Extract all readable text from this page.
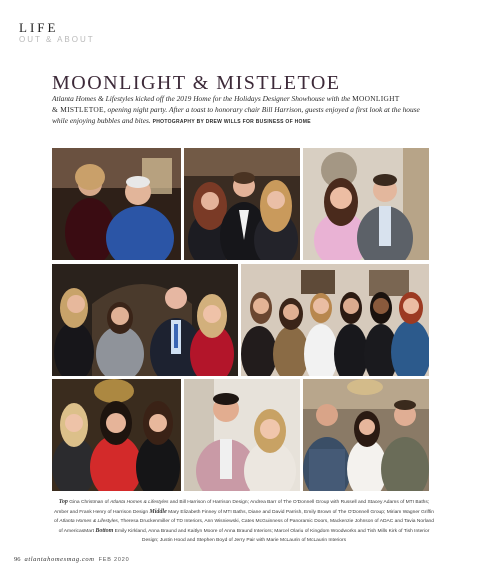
LIFE
OUT & ABOUT
MOONLIGHT & MISTLETOE
Atlanta Homes & Lifestyles kicked off the 2019 Home for the Holidays Designer Showhouse with the MOONLIGHT
& MISTLETOE, opening night party. After a toast to honorary chair Bill Harrison, guests enjoyed a first look at the house while enjoying bubbles and bites. PHOTOGRAPHY BY DREW WILLS FOR BUSINESS OF HOME
Top Gina Christman of Atlanta Homes & Lifestyles and Bill Harrison of Harrison Design; Andrea Barr of The O'Donnell Group with Russell and Stacey Adams of MTI Baths; Amber and Frank Henry of Harrison Design Middle Mary Elizabeth Finney of MTI Baths, Diane and David Parrish, Emily Brown of The O'Donnell Group; Miriam Wagner Griffin of Atlanta Homes & Lifestyles, Theresa Druckenmiller of TD Interiors, Ann Wisniewski, Cates McGuinness of Panoramic Doors, Mackenzie Johnson of ADAC and Tavia Norland of AmericasMart Bottom Emily Kirkland, Anna Braund and Kaitlyn Moore of Anna Braund Interiors; Marcel Olariu of Kingdom Woodworks and Tish Mills Kirk of Tish Interior Design; Justin Hood and Stephen Boyd of Jerry Pair with Marie McLaurin of McLaurin Interiors
96 atlantahomesmag.com FEB 2020
